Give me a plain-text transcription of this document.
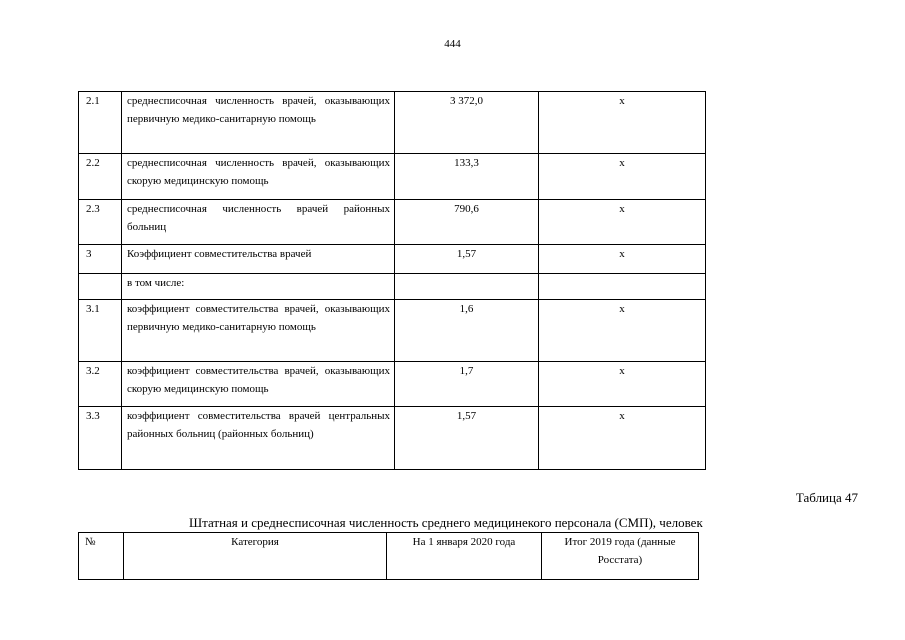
444
2.1	среднесписочная численность врачей, оказывающих первичную медико-санитарную помощь	3 372,0	x
2.2	среднесписочная численность врачей, оказывающих скорую медицинскую помощь	133,3	x
2.3	среднесписочная численность врачей районных больниц	790,6	x
3	Коэффициент совместительства врачей	1,57	x
	в том числе:		
3.1	коэффициент совместительства врачей, оказывающих первичную медико-санитарную помощь	1,6	x
3.2	коэффициент совместительства врачей, оказывающих скорую медицинскую помощь	1,7	x
3.3	коэффициент совместительства врачей центральных районных больниц (районных больниц)	1,57	x
Таблица 47
Штатная и среднесписочная численность среднего медицинекого персонала (СМП), человек
№	Категория	На 1 января 2020 года	Итог 2019 года (данные Росстата)
